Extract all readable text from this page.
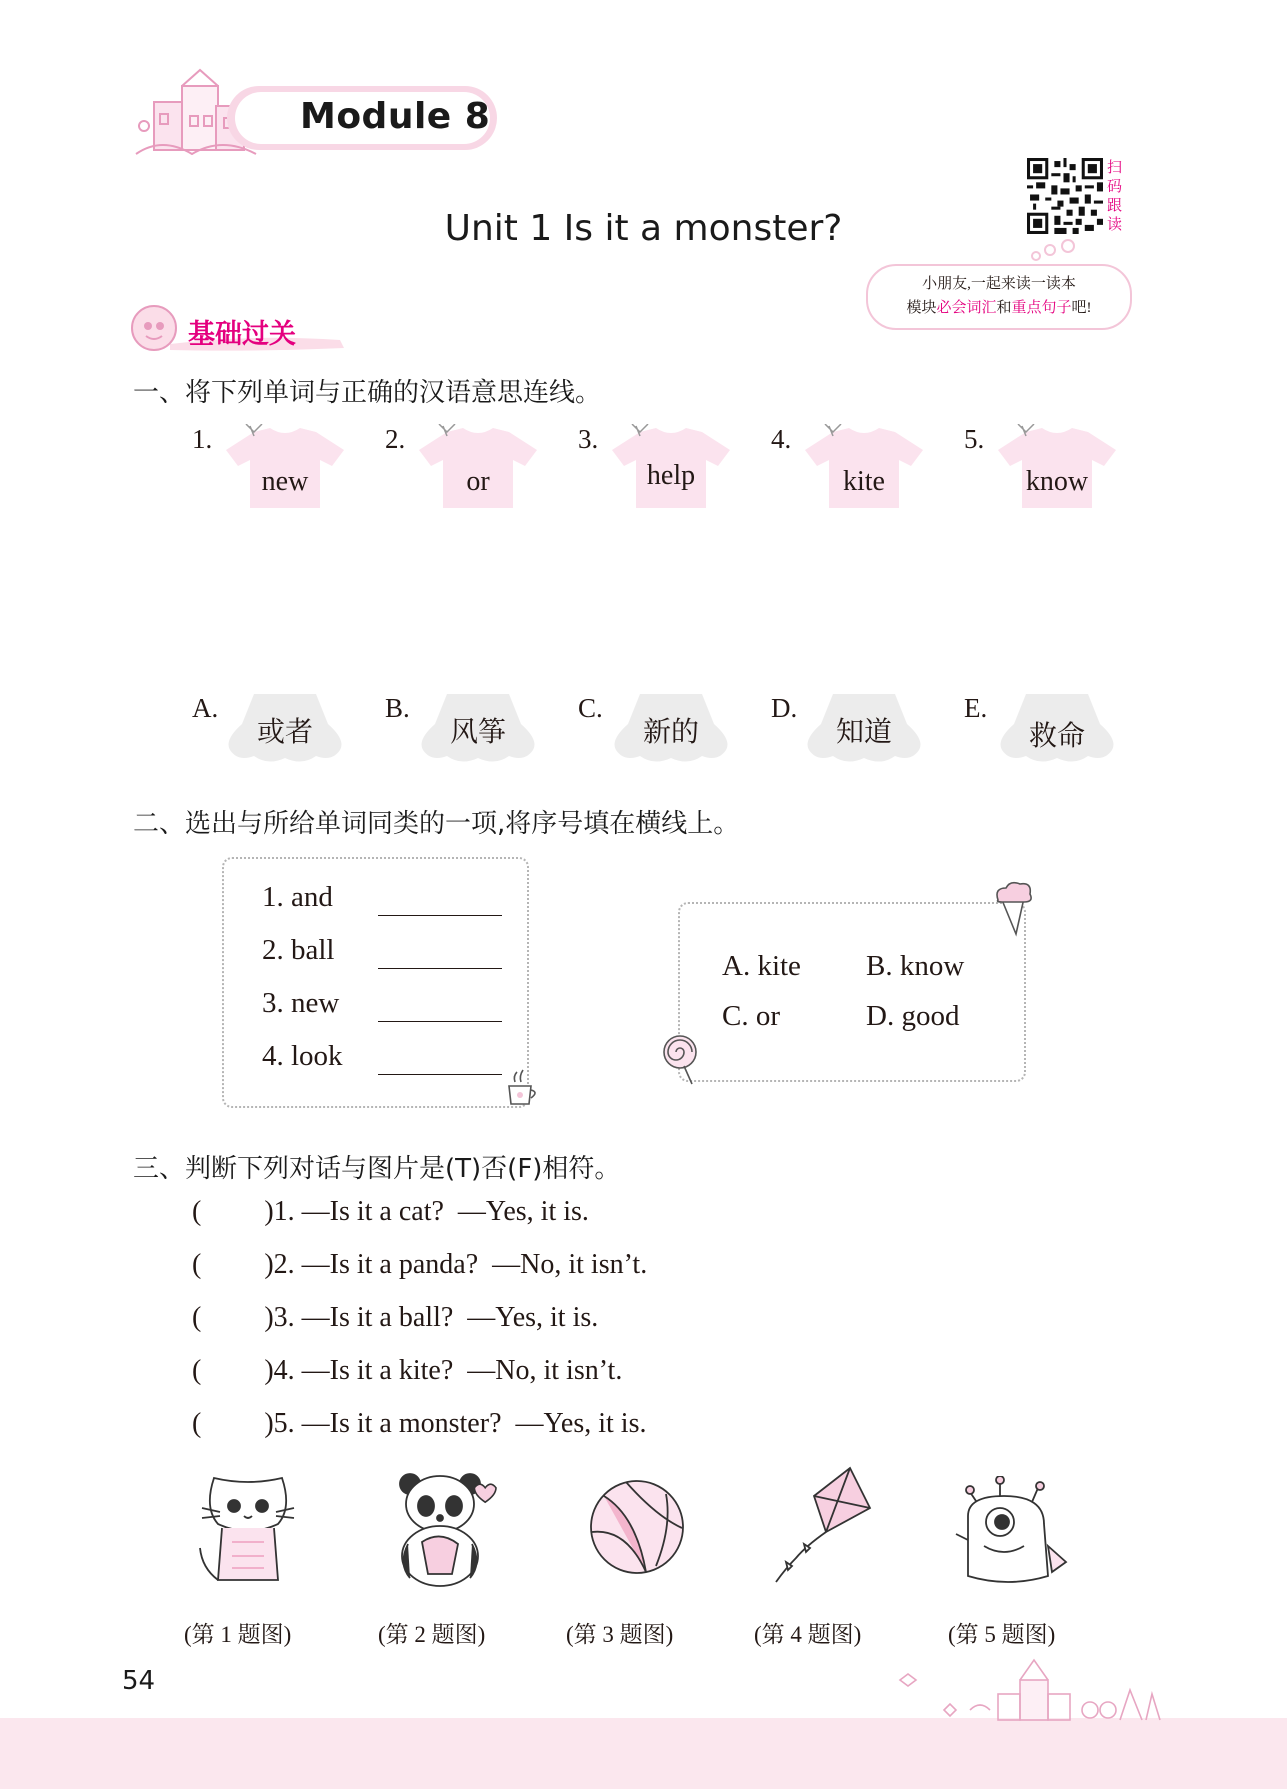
Module 8
Unit 1 Is it a monster?
扫
码
跟
读
小朋友,一起来读一读本
模块必会词汇和重点句子吧!
基础过关
一、将下列单词与正确的汉语意思连线。
1.
new
2.
or
3.
help
4.
kite
5.
know
A.
或者
B.
风筝
C.
新的
D.
知道
E.
救命
二、选出与所给单词同类的一项,将序号填在横线上。
1. and
2. ball
3. new
4. look
A. kite B. know
C. or	D. good
三、判断下列对话与图片是(T)否(F)相符。
(         )1. —Is it a cat?  —Yes, it is.
(         )2. —Is it a panda?  —No, it isn’t.
(         )3. —Is it a ball?  —Yes, it is.
(         )4. —Is it a kite?  —No, it isn’t.
(         )5. —Is it a monster?  —Yes, it is.
(第 1 题图)	(第 2 题图)	(第 3 题图)	(第 4 题图)	(第 5 题图)
54
